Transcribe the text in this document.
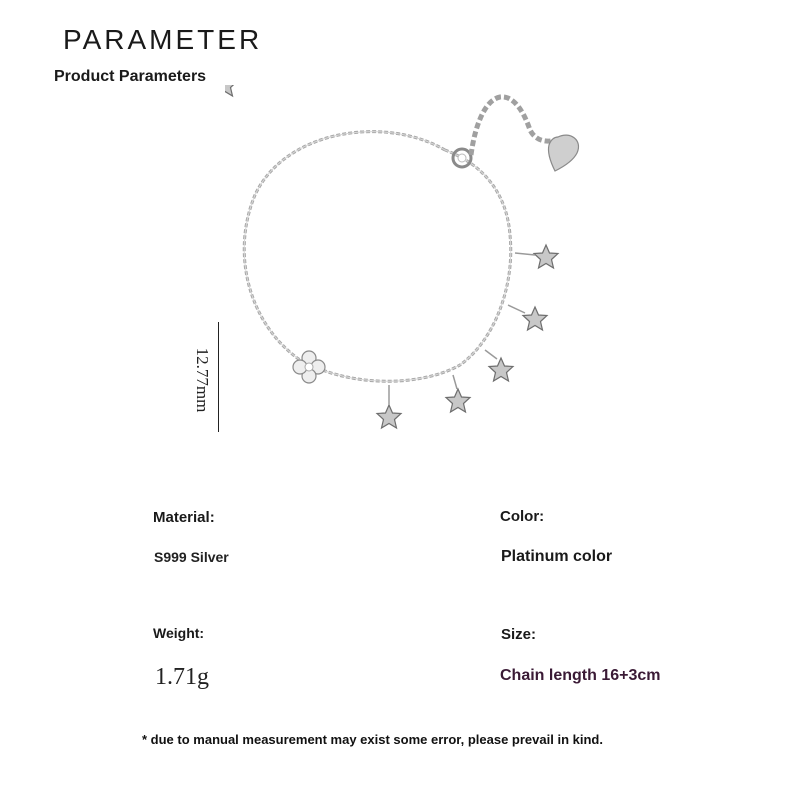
PARAMETER
Product Parameters
12.77mm
Material:
S999 Silver
Color:
Platinum color
Weight:
1.71g
Size:
Chain length 16+3cm
* due to manual measurement may exist some error, please prevail in kind.
